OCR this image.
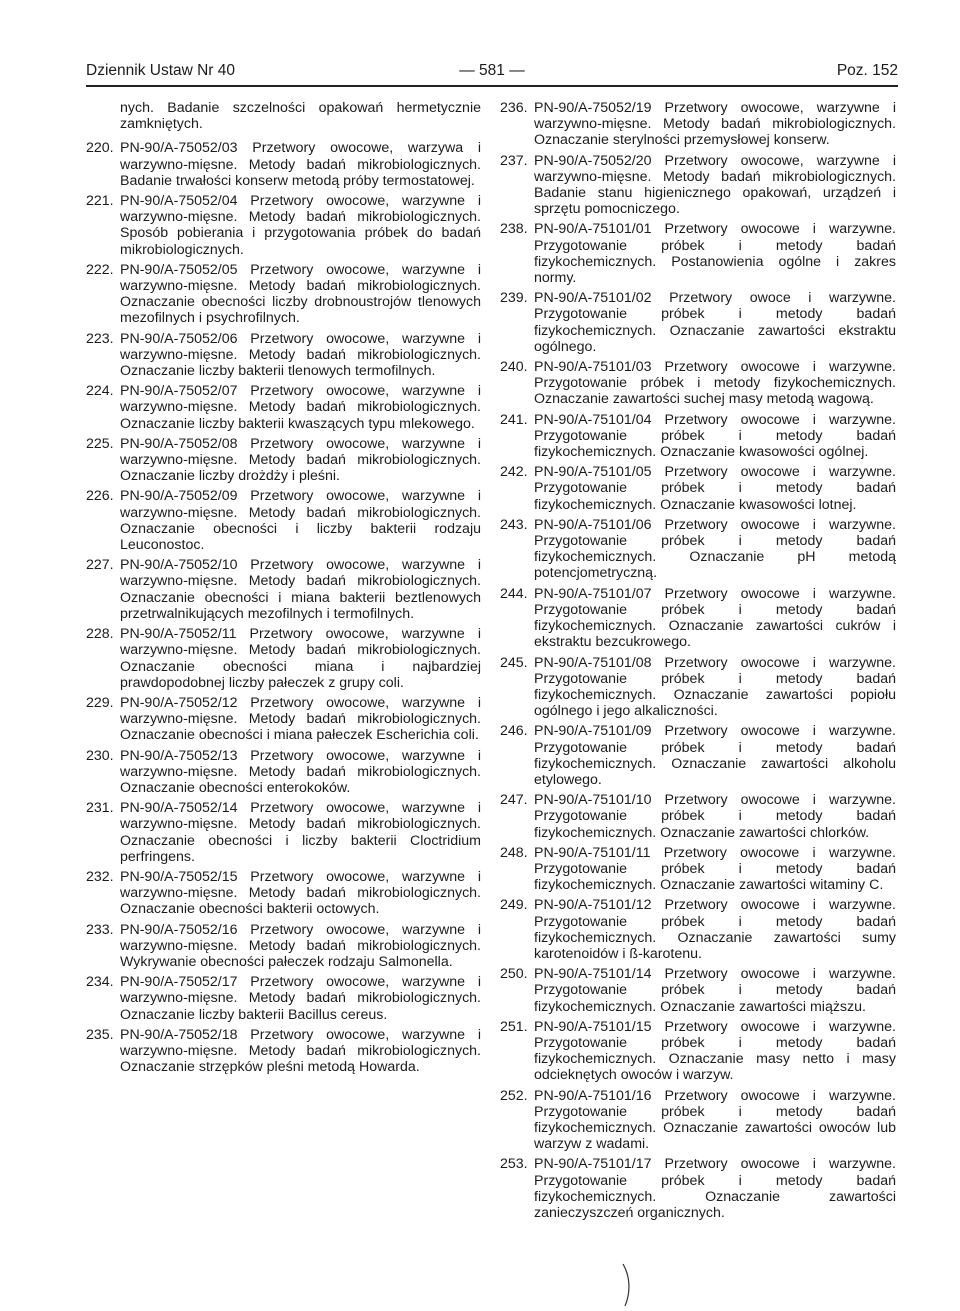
Dziennik Ustaw Nr 40	— 581 —	Poz. 152
nych. Badanie szczelności opakowań hermetycznie zamkniętych.
220. PN-90/A-75052/03 Przetwory owocowe, warzywa i warzywno-mięsne. Metody badań mikrobiologicznych. Badanie trwałości konserw metodą próby termostatowej.
221. PN-90/A-75052/04 Przetwory owocowe, warzywne i warzywno-mięsne. Metody badań mikrobiologicznych. Sposób pobierania i przygotowania próbek do badań mikrobiologicznych.
222. PN-90/A-75052/05 Przetwory owocowe, warzywne i warzywno-mięsne. Metody badań mikrobiologicznych. Oznaczanie obecności liczby drobnoustrojów tlenowych mezofilnych i psychrofilnych.
223. PN-90/A-75052/06 Przetwory owocowe, warzywne i warzywno-mięsne. Metody badań mikrobiologicznych. Oznaczanie liczby bakterii tlenowych termofilnych.
224. PN-90/A-75052/07 Przetwory owocowe, warzywne i warzywno-mięsne. Metody badań mikrobiologicznych. Oznaczanie liczby bakterii kwaszących typu mlekowego.
225. PN-90/A-75052/08 Przetwory owocowe, warzywne i warzywno-mięsne. Metody badań mikrobiologicznych. Oznaczanie liczby drożdży i pleśni.
226. PN-90/A-75052/09 Przetwory owocowe, warzywne i warzywno-mięsne. Metody badań mikrobiologicznych. Oznaczanie obecności i liczby bakterii rodzaju Leuconostoc.
227. PN-90/A-75052/10 Przetwory owocowe, warzywne i warzywno-mięsne. Metody badań mikrobiologicznych. Oznaczanie obecności i miana bakterii beztlenowych przetrwalnikujących mezofilnych i termofilnych.
228. PN-90/A-75052/11 Przetwory owocowe, warzywne i warzywno-mięsne. Metody badań mikrobiologicznych. Oznaczanie obecności miana i najbardziej prawdopodobnej liczby pałeczek z grupy coli.
229. PN-90/A-75052/12 Przetwory owocowe, warzywne i warzywno-mięsne. Metody badań mikrobiologicznych. Oznaczanie obecności i miana pałeczek Escherichia coli.
230. PN-90/A-75052/13 Przetwory owocowe, warzywne i warzywno-mięsne. Metody badań mikrobiologicznych. Oznaczanie obecności enterokoków.
231. PN-90/A-75052/14 Przetwory owocowe, warzywne i warzywno-mięsne. Metody badań mikrobiologicznych. Oznaczanie obecności i liczby bakterii Cloctridium perfringens.
232. PN-90/A-75052/15 Przetwory owocowe, warzywne i warzywno-mięsne. Metody badań mikrobiologicznych. Oznaczanie obecności bakterii octowych.
233. PN-90/A-75052/16 Przetwory owocowe, warzywne i warzywno-mięsne. Metody badań mikrobiologicznych. Wykrywanie obecności pałeczek rodzaju Salmonella.
234. PN-90/A-75052/17 Przetwory owocowe, warzywne i warzywno-mięsne. Metody badań mikrobiologicznych. Oznaczanie liczby bakterii Bacillus cereus.
235. PN-90/A-75052/18 Przetwory owocowe, warzywne i warzywno-mięsne. Metody badań mikrobiologicznych. Oznaczanie strzępków pleśni metodą Howarda.
236. PN-90/A-75052/19 Przetwory owocowe, warzywne i warzywno-mięsne. Metody badań mikrobiologicznych. Oznaczanie sterylności przemysłowej konserw.
237. PN-90/A-75052/20 Przetwory owocowe, warzywne i warzywno-mięsne. Metody badań mikrobiologicznych. Badanie stanu higienicznego opakowań, urządzeń i sprzętu pomocniczego.
238. PN-90/A-75101/01 Przetwory owocowe i warzywne. Przygotowanie próbek i metody badań fizykochemicznych. Postanowienia ogólne i zakres normy.
239. PN-90/A-75101/02 Przetwory owoce i warzywne. Przygotowanie próbek i metody badań fizykochemicznych. Oznaczanie zawartości ekstraktu ogólnego.
240. PN-90/A-75101/03 Przetwory owocowe i warzywne. Przygotowanie próbek i metody fizykochemicznych. Oznaczanie zawartości suchej masy metodą wagową.
241. PN-90/A-75101/04 Przetwory owocowe i warzywne. Przygotowanie próbek i metody badań fizykochemicznych. Oznaczanie kwasowości ogólnej.
242. PN-90/A-75101/05 Przetwory owocowe i warzywne. Przygotowanie próbek i metody badań fizykochemicznych. Oznaczanie kwasowości lotnej.
243. PN-90/A-75101/06 Przetwory owocowe i warzywne. Przygotowanie próbek i metody badań fizykochemicznych. Oznaczanie pH metodą potencjometryczną.
244. PN-90/A-75101/07 Przetwory owocowe i warzywne. Przygotowanie próbek i metody badań fizykochemicznych. Oznaczanie zawartości cukrów i ekstraktu bezcukrowego.
245. PN-90/A-75101/08 Przetwory owocowe i warzywne. Przygotowanie próbek i metody badań fizykochemicznych. Oznaczanie zawartości popiołu ogólnego i jego alkaliczności.
246. PN-90/A-75101/09 Przetwory owocowe i warzywne. Przygotowanie próbek i metody badań fizykochemicznych. Oznaczanie zawartości alkoholu etylowego.
247. PN-90/A-75101/10 Przetwory owocowe i warzywne. Przygotowanie próbek i metody badań fizykochemicznych. Oznaczanie zawartości chlorków.
248. PN-90/A-75101/11 Przetwory owocowe i warzywne. Przygotowanie próbek i metody badań fizykochemicznych. Oznaczanie zawartości witaminy C.
249. PN-90/A-75101/12 Przetwory owocowe i warzywne. Przygotowanie próbek i metody badań fizykochemicznych. Oznaczanie zawartości sumy karotenoidów i ß-karotenu.
250. PN-90/A-75101/14 Przetwory owocowe i warzywne. Przygotowanie próbek i metody badań fizykochemicznych. Oznaczanie zawartości miąższu.
251. PN-90/A-75101/15 Przetwory owocowe i warzywne. Przygotowanie próbek i metody badań fizykochemicznych. Oznaczanie masy netto i masy odcieknętych owoców i warzyw.
252. PN-90/A-75101/16 Przetwory owocowe i warzywne. Przygotowanie próbek i metody badań fizykochemicznych. Oznaczanie zawartości owoców lub warzyw z wadami.
253. PN-90/A-75101/17 Przetwory owocowe i warzywne. Przygotowanie próbek i metody badań fizykochemicznych. Oznaczanie zawartości zanieczyszczeń organicznych.
